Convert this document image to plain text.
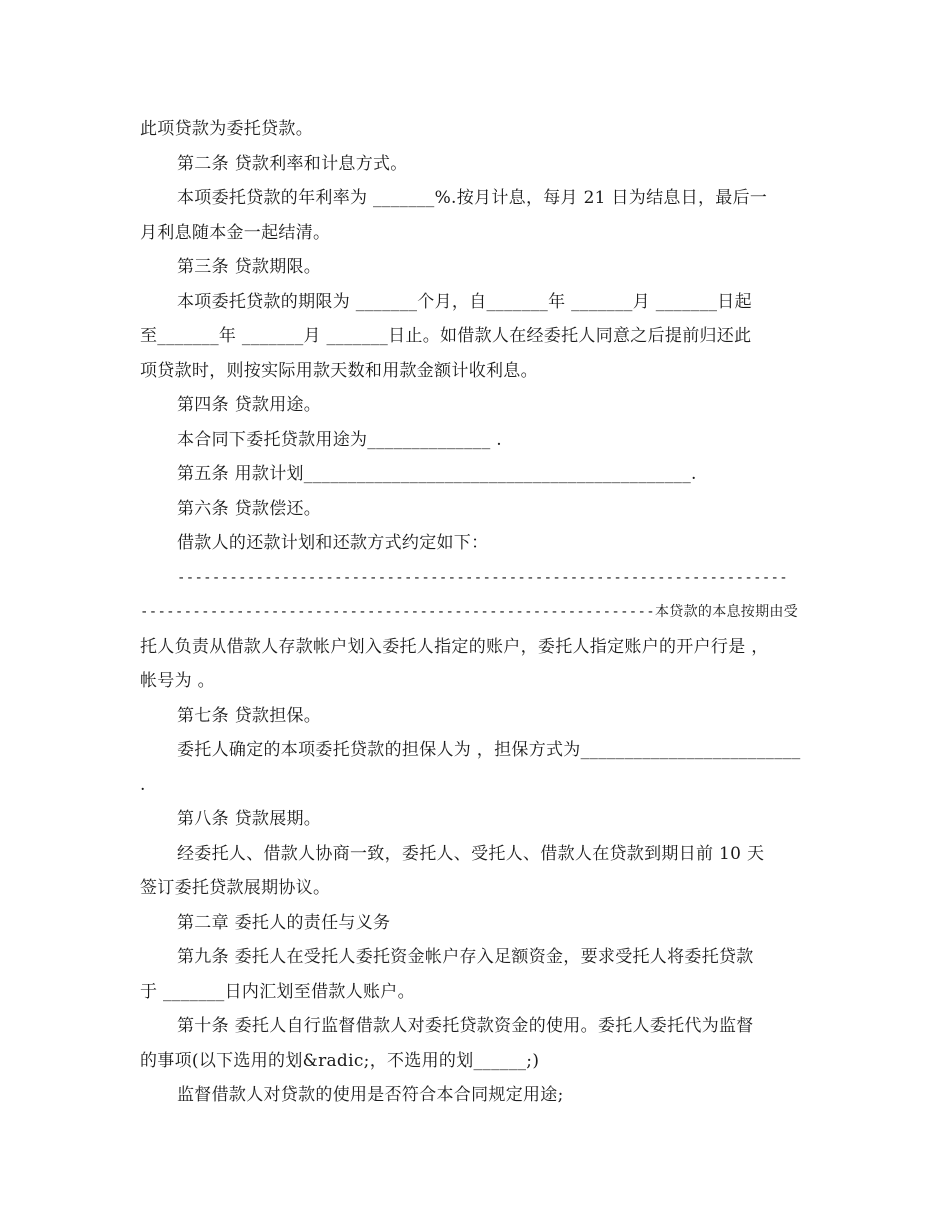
此项贷款为委托贷款。
第二条 贷款利率和计息方式。
本项委托贷款的年利率为 _______%.按月计息，每月 21 日为结息日，最后一
月利息随本金一起结清。
第三条 贷款期限。
本项委托贷款的期限为 _______个月，自_______年 _______月 _______日起
至_______年 _______月 _______日止。如借款人在经委托人同意之后提前归还此
项贷款时，则按实际用款天数和用款金额计收利息。
第四条 贷款用途。
本合同下委托贷款用途为______________ .
第五条 用款计划____________________________________________.
第六条 贷款偿还。
借款人的还款计划和还款方式约定如下：
----------------------------------------------------------------------
-----------------------------------------------------------本贷款的本息按期由受
托人负责从借款人存款帐户划入委托人指定的账户，委托人指定账户的开户行是 ，
帐号为 。
第七条 贷款担保。
委托人确定的本项委托贷款的担保人为 ，担保方式为_________________________
.
第八条 贷款展期。
经委托人、借款人协商一致，委托人、受托人、借款人在贷款到期日前 10 天
签订委托贷款展期协议。
第二章 委托人的责任与义务
第九条 委托人在受托人委托资金帐户存入足额资金，要求受托人将委托贷款
于 _______日内汇划至借款人账户。
第十条 委托人自行监督借款人对委托贷款资金的使用。委托人委托代为监督
的事项(以下选用的划&radic;，不选用的划______;)
监督借款人对贷款的使用是否符合本合同规定用途;
